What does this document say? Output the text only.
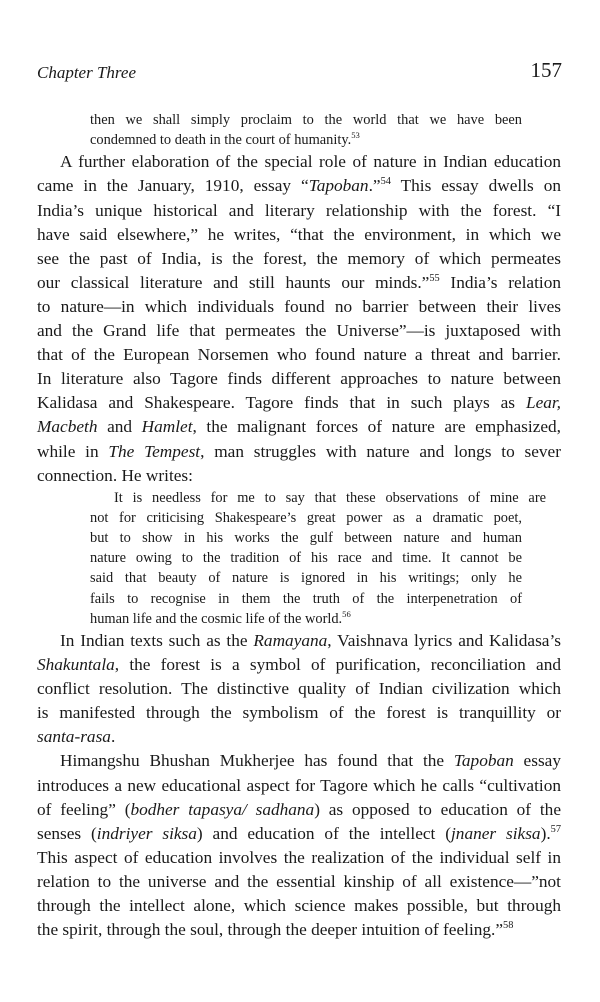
Chapter Three	157
then we shall simply proclaim to the world that we have been
condemned to death in the court of humanity.$^{53}$
A further elaboration of the special role of nature in Indian education
came in the January, 1910, essay “Tapoban.”$^{54}$ This essay dwells on
India’s unique historical and literary relationship with the forest. “I
have said elsewhere,” he writes, “that the environment, in which we
see the past of India, is the forest, the memory of which permeates
our classical literature and still haunts our minds.”$^{55}$ India’s relation
to nature—in which individuals found no barrier between their lives
and the Grand life that permeates the Universe”—is juxtaposed with
that of the European Norsemen who found nature a threat and barrier.
In literature also Tagore finds different approaches to nature between
Kalidasa and Shakespeare. Tagore finds that in such plays as Lear,
Macbeth and Hamlet, the malignant forces of nature are emphasized,
while in The Tempest, man struggles with nature and longs to sever
connection. He writes:
It is needless for me to say that these observations of mine are
not for criticising Shakespeare’s great power as a dramatic poet,
but to show in his works the gulf between nature and human
nature owing to the tradition of his race and time. It cannot be
said that beauty of nature is ignored in his writings; only he
fails to recognise in them the truth of the interpenetration of
human life and the cosmic life of the world.$^{56}$
In Indian texts such as the Ramayana, Vaishnava lyrics and Kalidasa’s
Shakuntala, the forest is a symbol of purification, reconciliation and
conflict resolution. The distinctive quality of Indian civilization which
is manifested through the symbolism of the forest is tranquillity or
santa-rasa.
Himangshu Bhushan Mukherjee has found that the Tapoban essay
introduces a new educational aspect for Tagore which he calls “cultivation
of feeling” (bodher tapasya/ sadhana) as opposed to education of the
senses (indriyer siksa) and education of the intellect (jnaner siksa).$^{57}$
This aspect of education involves the realization of the individual self in
relation to the universe and the essential kinship of all existence—”not
through the intellect alone, which science makes possible, but through
the spirit, through the soul, through the deeper intuition of feeling.”$^{58}$
